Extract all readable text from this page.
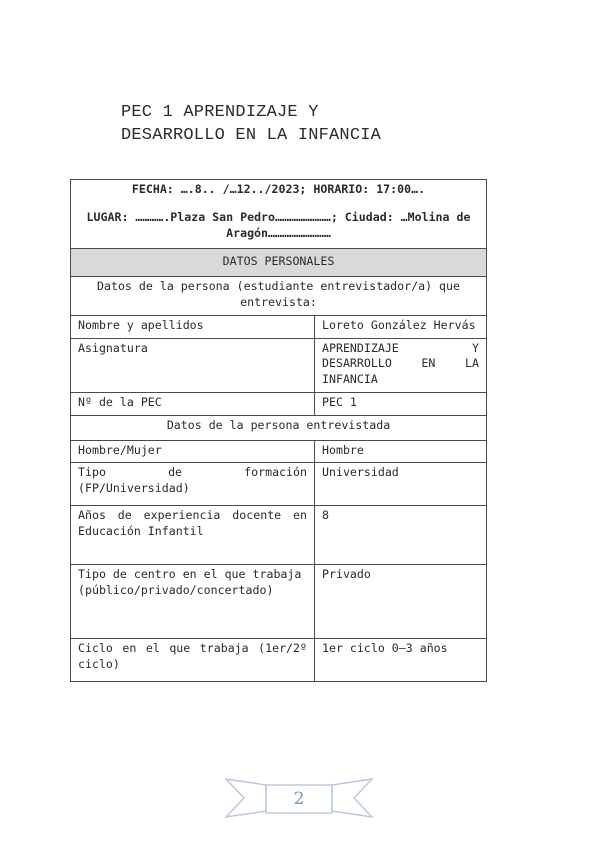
PEC 1 APRENDIZAJE Y
DESARROLLO EN LA INFANCIA

FECHA: ….8.. /…12../2023; HORARIO: 17:00….

LUGAR: ………….Plaza San Pedro……………………; Ciudad: …Molina de Aragón………………………	

DATOS PERSONALES	
Datos de la persona (estudiante entrevistador/a) que entrevista:	
Nombre y apellidos	Loreto González Hervás
Asignatura	APRENDIZAJE Y DESARROLLO EN LA INFANCIA
Nº de la PEC	PEC 1
Datos de la persona entrevistada	
Hombre/Mujer	Hombre
Tipo de formación (FP/Universidad)	Universidad
Años de experiencia docente en Educación Infantil	8
Tipo de centro en el que trabaja (público/privado/concertado)	Privado
Ciclo en el que trabaja (1er/2º ciclo)	1er ciclo 0–3 años
2
